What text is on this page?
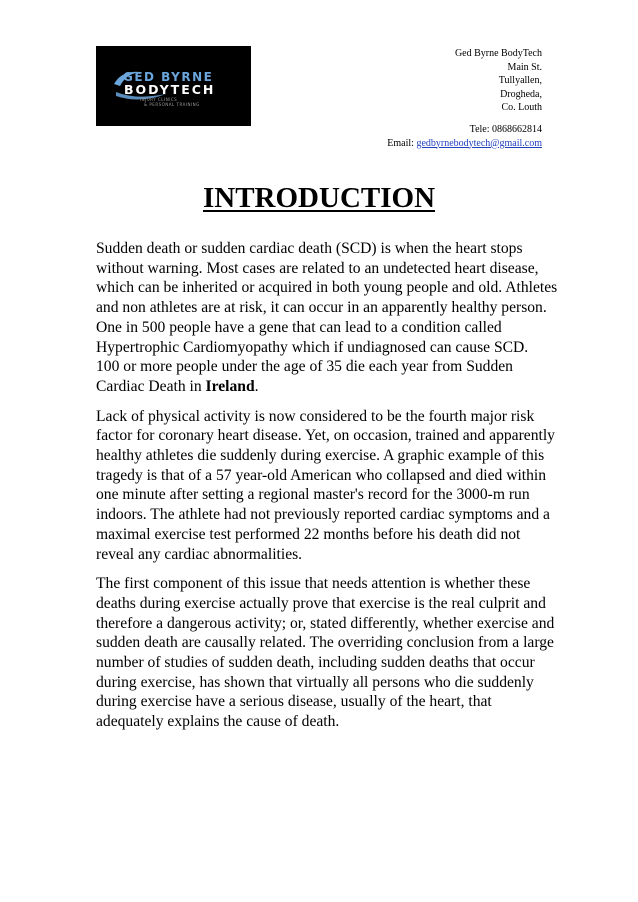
GED BYRNE
BODYTECH
INJURY CLINICS
& PERSONAL TRAINING
Ged Byrne BodyTech
Main St.
Tullyallen,
Drogheda,
Co. Louth
Tele: 0868662814
Email: gedbyrnebodytech@gmail.com
INTRODUCTION

Sudden death or sudden cardiac death (SCD) is when the heart stops
without warning. Most cases are related to an undetected heart disease,
which can be inherited or acquired in both young people and old. Athletes
and non athletes are at risk, it can occur in an apparently healthy person.
One in 500 people have a gene that can lead to a condition called
Hypertrophic Cardiomyopathy which if undiagnosed can cause SCD.
100 or more people under the age of 35 die each year from Sudden
Cardiac Death in Ireland.

Lack of physical activity is now considered to be the fourth major risk
factor for coronary heart disease. Yet, on occasion, trained and apparently
healthy athletes die suddenly during exercise. A graphic example of this
tragedy is that of a 57 year-old American who collapsed and died within
one minute after setting a regional master's record for the 3000-m run
indoors. The athlete had not previously reported cardiac symptoms and a
maximal exercise test performed 22 months before his death did not
reveal any cardiac abnormalities.

The first component of this issue that needs attention is whether these
deaths during exercise actually prove that exercise is the real culprit and
therefore a dangerous activity; or, stated differently, whether exercise and
sudden death are causally related. The overriding conclusion from a large
number of studies of sudden death, including sudden deaths that occur
during exercise, has shown that virtually all persons who die suddenly
during exercise have a serious disease, usually of the heart, that
adequately explains the cause of death.
